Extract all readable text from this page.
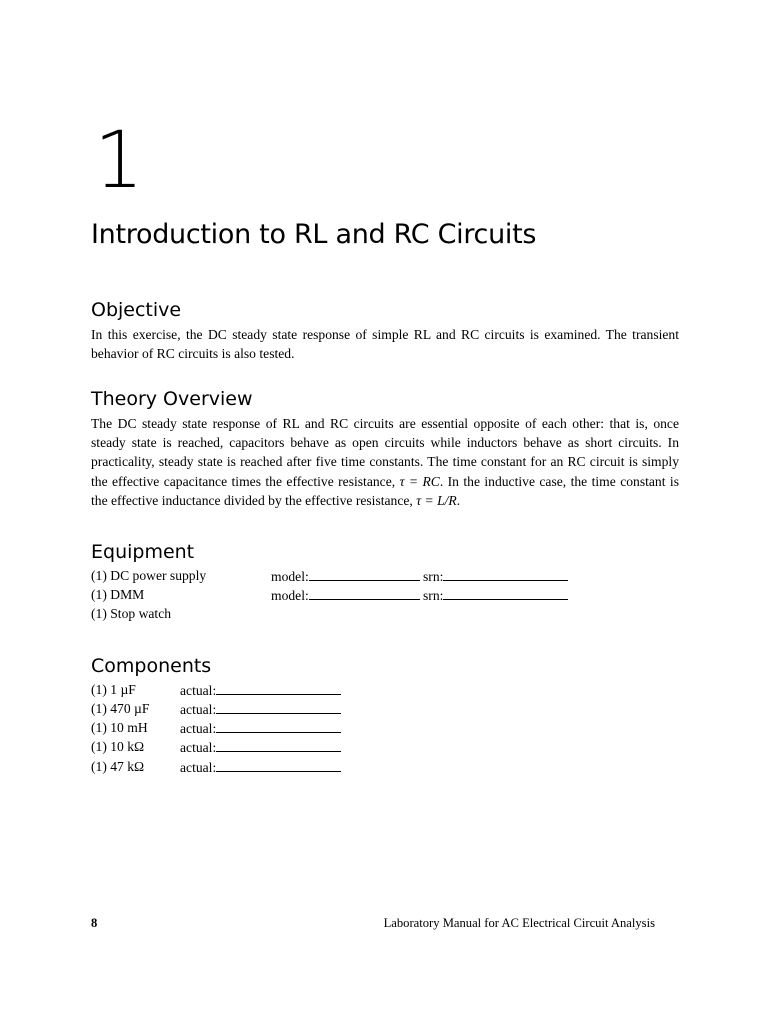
1
Introduction to RL and RC Circuits
Objective
In this exercise, the DC steady state response of simple RL and RC circuits is examined. The transient behavior of RC circuits is also tested.
Theory Overview
The DC steady state response of RL and RC circuits are essential opposite of each other: that is, once steady state is reached, capacitors behave as open circuits while inductors behave as short circuits. In practicality, steady state is reached after five time constants. The time constant for an RC circuit is simply the effective capacitance times the effective resistance, τ = RC. In the inductive case, the time constant is the effective inductance divided by the effective resistance, τ = L/R.
Equipment
(1) DC power supply	model:	srn:
(1) DMM	model:	srn:
(1) Stop watch
Components
(1) 1 µF	actual:
(1) 470 µF actual:
(1) 10 mH actual:
(1) 10 kΩ	actual:
(1) 47 kΩ	actual:
8	Laboratory Manual for AC Electrical Circuit Analysis
